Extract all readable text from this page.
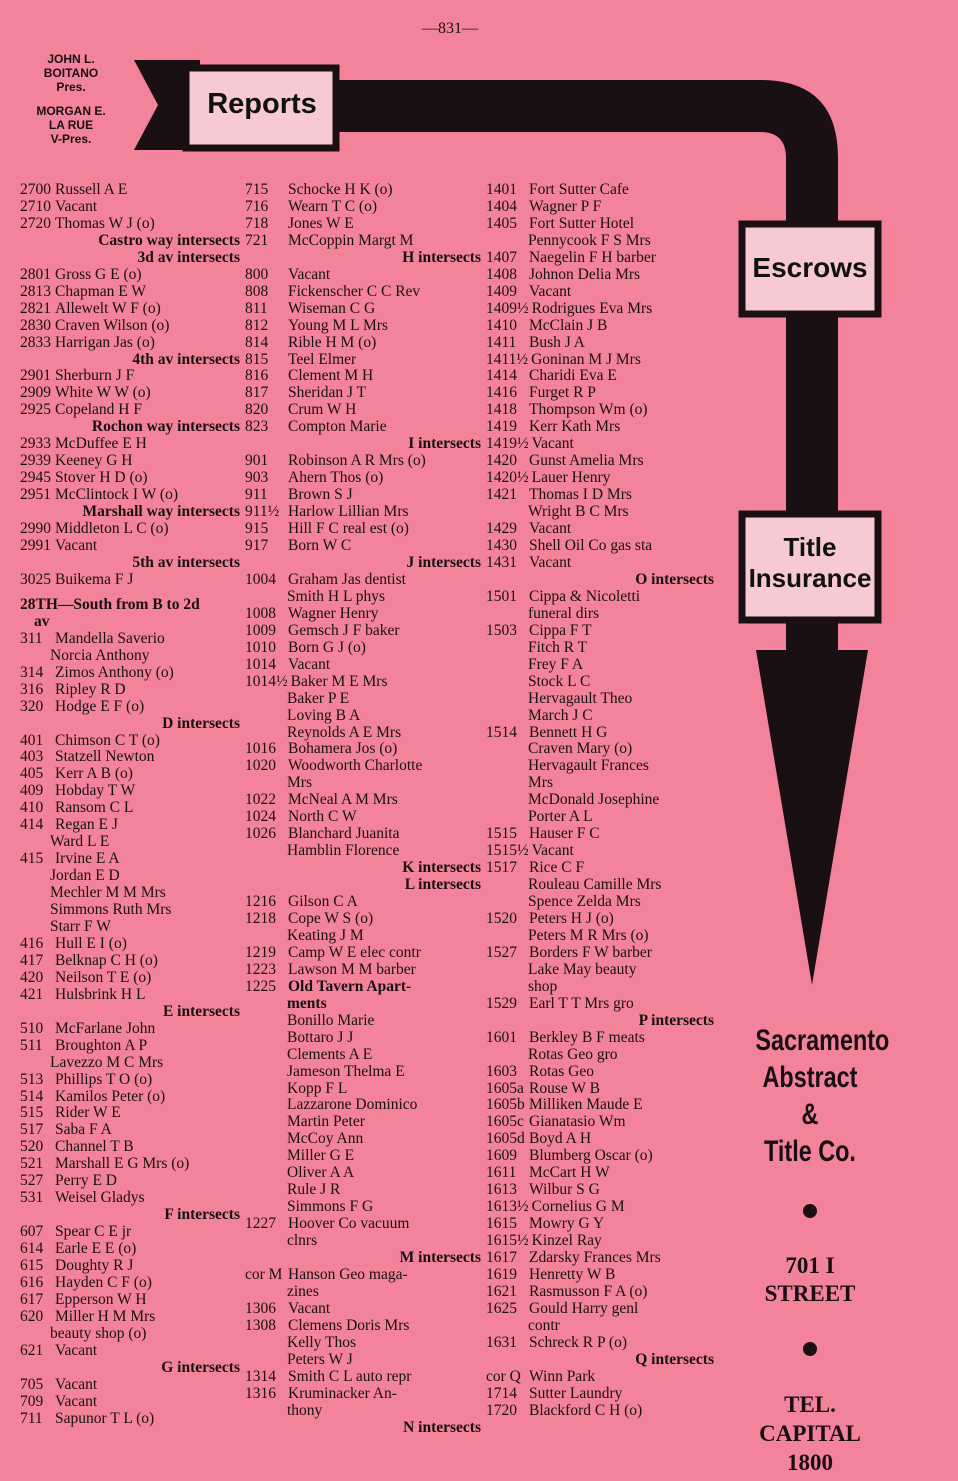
—831—
JOHN L. BOITANO
Pres.
MORGAN E. LA RUE
V-Pres.
Reports
Escrows
Title
Insurance
2700 Russell A E
2710 Vacant
2720 Thomas W J (o)
Castro way intersects
3d av intersects
2801 Gross G E (o)
2813 Chapman E W
2821 Allewelt W F (o)
2830 Craven Wilson (o)
2833 Harrigan Jas (o)
4th av intersects
2901 Sherburn J F
2909 White W W (o)
2925 Copeland H F
Rochon way intersects
2933 McDuffee E H
2939 Keeney G H
2945 Stover H D (o)
2951 McClintock I W (o)
Marshall way intersects
2990 Middleton L C (o)
2991 Vacant
5th av intersects
3025 Buikema F J
28TH—South from B to 2d
av
311 Mandella Saverio
Norcia Anthony
314 Zimos Anthony (o)
316 Ripley R D
320 Hodge E F (o)
D intersects
401 Chimson C T (o)
403 Statzell Newton
405 Kerr A B (o)
409 Hobday T W
410 Ransom C L
414 Regan E J
Ward L E
415 Irvine E A
Jordan E D
Mechler M M Mrs
Simmons Ruth Mrs
Starr F W
416 Hull E I (o)
417 Belknap C H (o)
420 Neilson T E (o)
421 Hulsbrink H L
E intersects
510 McFarlane John
511 Broughton A P
Lavezzo M C Mrs
513 Phillips T O (o)
514 Kamilos Peter (o)
515 Rider W E
517 Saba F A
520 Channel T B
521 Marshall E G Mrs (o)
527 Perry E D
531 Weisel Gladys
F intersects
607 Spear C E jr
614 Earle E E (o)
615 Doughty R J
616 Hayden C F (o)
617 Epperson W H
620 Miller H M Mrs
beauty shop (o)
621 Vacant
G intersects
705 Vacant
709 Vacant
711 Sapunor T L (o)
715	Schocke H K (o)
716	Wearn T C (o)
718	Jones W E
721	McCoppin Margt M
H intersects
800	Vacant
808	Fickenscher C C Rev
811	Wiseman C G
812	Young M L Mrs
814	Rible H M (o)
815	Teel Elmer
816	Clement M H
817	Sheridan J T
820	Crum W H
823	Compton Marie
I intersects
901	Robinson A R Mrs (o)
903	Ahern Thos (o)
911	Brown S J
911½ Harlow Lillian Mrs
915	Hill F C real est (o)
917	Born W C
J intersects
1004 Graham Jas dentist
Smith H L phys
1008 Wagner Henry
1009 Gemsch J F baker
1010 Born G J (o)
1014 Vacant
1014½ Baker M E Mrs
Baker P E
Loving B A
Reynolds A E Mrs
1016 Bohamera Jos (o)
1020 Woodworth Charlotte
Mrs
1022 McNeal A M Mrs
1024 North C W
1026 Blanchard Juanita
Hamblin Florence
K intersects
L intersects
1216 Gilson C A
1218 Cope W S (o)
Keating J M
1219 Camp W E elec contr
1223 Lawson M M barber
1225 Old Tavern Apart-
ments
Bonillo Marie
Bottaro J J
Clements A E
Jameson Thelma E
Kopp F L
Lazzarone Dominico
Martin Peter
McCoy Ann
Miller G E
Oliver A A
Rule J R
Simmons F G
1227 Hoover Co vacuum
clnrs
M intersects
cor M Hanson Geo maga-
zines
1306 Vacant
1308 Clemens Doris Mrs
Kelly Thos
Peters W J
1314 Smith C L auto repr
1316 Kruminacker An-
thony
N intersects
1401 Fort Sutter Cafe
1404 Wagner P F
1405 Fort Sutter Hotel
Pennycook F S Mrs
1407 Naegelin F H barber
1408 Johnon Delia Mrs
1409 Vacant
1409½ Rodrigues Eva Mrs
1410 McClain J B
1411 Bush J A
1411½ Goninan M J Mrs
1414 Charidi Eva E
1416 Furget R P
1418 Thompson Wm (o)
1419 Kerr Kath Mrs
1419½ Vacant
1420 Gunst Amelia Mrs
1420½ Lauer Henry
1421 Thomas I D Mrs
Wright B C Mrs
1429 Vacant
1430 Shell Oil Co gas sta
1431 Vacant
O intersects
1501 Cippa & Nicoletti
funeral dirs
1503 Cippa F T
Fitch R T
Frey F A
Stock L C
Hervagault Theo
March J C
1514 Bennett H G
Craven Mary (o)
Hervagault Frances
Mrs
McDonald Josephine
Porter A L
1515 Hauser F C
1515½ Vacant
1517 Rice C F
Rouleau Camille Mrs
Spence Zelda Mrs
1520 Peters H J (o)
Peters M R Mrs (o)
1527 Borders F W barber
Lake May beauty
shop
1529 Earl T T Mrs gro
P intersects
1601 Berkley B F meats
Rotas Geo gro
1603 Rotas Geo
1605a Rouse W B
1605b Milliken Maude E
1605c Gianatasio Wm
1605d Boyd A H
1609 Blumberg Oscar (o)
1611 McCart H W
1613 Wilbur S G
1613½ Cornelius G M
1615 Mowry G Y
1615½ Kinzel Ray
1617 Zdarsky Frances Mrs
1619 Henretty W B
1621 Rasmusson F A (o)
1625 Gould Harry genl
contr
1631 Schreck R P (o)
Q intersects
cor Q Winn Park
1714 Sutter Laundry
1720 Blackford C H (o)
Sacramento
Abstract &
Title Co.
701 I
STREET
TEL.
CAPITAL
1800
